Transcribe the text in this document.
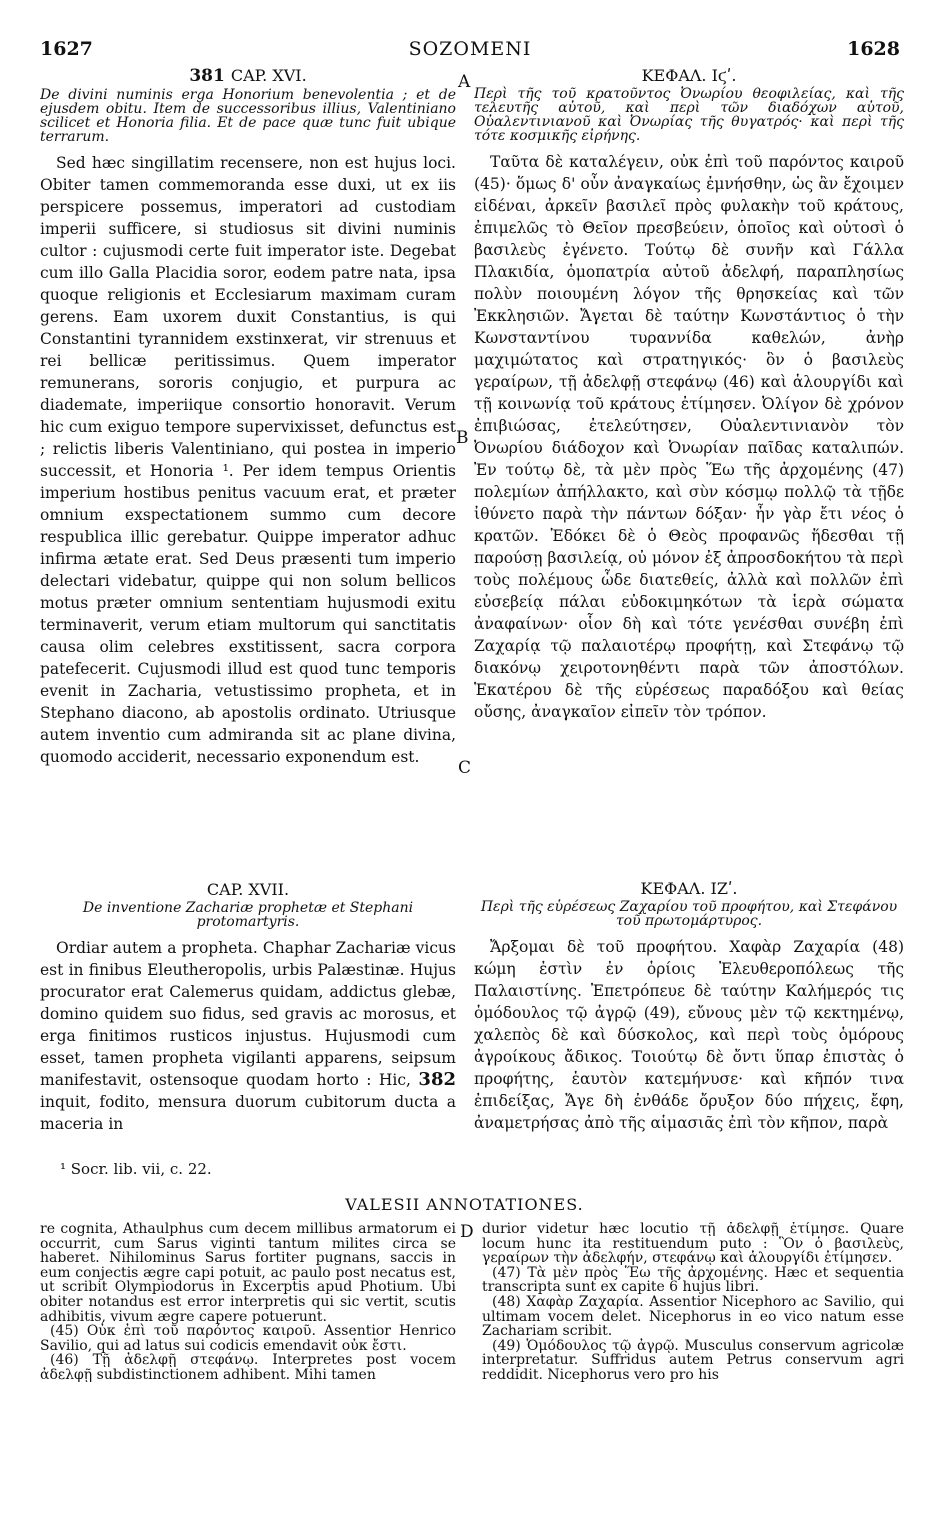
1627	SOZOMENI	1628
381 CAP. XVI.

De divini numinis erga Honorium benevolentia ; et de ejusdem obitu. Item de successoribus illius, Valentiniano scilicet et Honoria filia. Et de pace quæ tunc fuit ubique terrarum.

Sed hæc singillatim recensere, non est hujus loci. Obiter tamen commemoranda esse duxi, ut ex iis perspicere possemus, imperatori ad custodiam imperii sufficere, si studiosus sit divini numinis cultor : cujusmodi certe fuit imperator iste. Degebat cum illo Galla Placidia soror, eodem patre nata, ipsa quoque religionis et Ecclesiarum maximam curam gerens. Eam uxorem duxit Constantius, is qui Constantini tyrannidem exstinxerat, vir strenuus et rei bellicæ peritissimus. Quem imperator remunerans, sororis conjugio, et purpura ac diademate, imperiique consortio honoravit. Verum hic cum exiguo tempore supervixisset, defunctus est ; relictis liberis Valentiniano, qui postea in imperio successit, et Honoria ¹. Per idem tempus Orientis imperium hostibus penitus vacuum erat, et præter omnium exspectationem summo cum decore respublica illic gerebatur. Quippe imperator adhuc infirma ætate erat. Sed Deus præsenti tum imperio delectari videbatur, quippe qui non solum bellicos motus præter omnium sententiam hujusmodi exitu terminaverit, verum etiam multorum qui sanctitatis causa olim celebres exstitissent, sacra corpora patefecerit. Cujusmodi illud est quod tunc temporis evenit in Zacharia, vetustissimo propheta, et in Stephano diacono, ab apostolis ordinato. Utriusque autem inventio cum admiranda sit ac plane divina, quomodo acciderit, necessario exponendum est.

CAP. XVII.

De inventione Zachariæ prophetæ et Stephani protomartyris.

Ordiar autem a propheta. Chaphar Zachariæ vicus est in finibus Eleutheropolis, urbis Palæstinæ. Hujus procurator erat Calemerus quidam, addictus glebæ, domino quidem suo fidus, sed gravis ac morosus, et erga finitimos rusticos injustus. Hujusmodi cum esset, tamen propheta vigilanti apparens, seipsum manifestavit, ostensoque quodam horto : Hic, 382 inquit, fodito, mensura duorum cubitorum ducta a maceria in

A
B
C
D
ΚΕΦΑΛ. Ιϛʹ.

Περὶ τῆς τοῦ κρατοῦντος Ὀνωρίου θεοφιλείας, καὶ τῆς τελευτῆς αὐτοῦ, καὶ περὶ τῶν διαδόχων αὐτοῦ, Οὐαλεντινιανοῦ καὶ Ὀνωρίας τῆς θυγατρός· καὶ περὶ τῆς τότε κοσμικῆς εἰρήνης.

Ταῦτα δὲ καταλέγειν, οὐκ ἐπὶ τοῦ παρόντος καιροῦ (45)· ὅμως δ' οὖν ἀναγκαίως ἐμνήσθην, ὡς ἂν ἔχοιμεν εἰδέναι, ἀρκεῖν βασιλεῖ πρὸς φυλακὴν τοῦ κράτους, ἐπιμελῶς τὸ Θεῖον πρεσβεύειν, ὁποῖος καὶ οὑτοσὶ ὁ βασιλεὺς ἐγένετο. Τούτῳ δὲ συνῆν καὶ Γάλλα Πλακιδία, ὁμοπατρία αὐτοῦ ἀδελφή, παραπλησίως πολὺν ποιουμένη λόγον τῆς θρησκείας καὶ τῶν Ἐκκλησιῶν. Ἄγεται δὲ ταύτην Κωνστάντιος ὁ τὴν Κωνσταντίνου τυραννίδα καθελών, ἀνὴρ μαχιμώτατος καὶ στρατηγικός· ὃν ὁ βασιλεὺς γεραίρων, τῇ ἀδελφῇ στεφάνῳ (46) καὶ ἁλουργίδι καὶ τῇ κοινωνίᾳ τοῦ κράτους ἐτίμησεν. Ὀλίγον δὲ χρόνον ἐπιβιώσας, ἐτελεύτησεν, Οὐαλεντινιανὸν τὸν Ὀνωρίου διάδοχον καὶ Ὀνωρίαν παῖδας καταλιπών. Ἐν τούτῳ δὲ, τὰ μὲν πρὸς Ἕω τῆς ἀρχομένης (47) πολεμίων ἀπήλλακτο, καὶ σὺν κόσμῳ πολλῷ τὰ τῇδε ἰθύνετο παρὰ τὴν πάντων δόξαν· ἦν γὰρ ἔτι νέος ὁ κρατῶν. Ἐδόκει δὲ ὁ Θεὸς προφανῶς ἥδεσθαι τῇ παρούσῃ βασιλείᾳ, οὐ μόνον ἐξ ἀπροσδοκήτου τὰ περὶ τοὺς πολέμους ὧδε διατεθείς, ἀλλὰ καὶ πολλῶν ἐπὶ εὐσεβείᾳ πάλαι εὐδοκιμηκότων τὰ ἱερὰ σώματα ἀναφαίνων· οἷον δὴ καὶ τότε γενέσθαι συνέβη ἐπὶ Ζαχαρίᾳ τῷ παλαιοτέρῳ προφήτῃ, καὶ Στεφάνῳ τῷ διακόνῳ χειροτονηθέντι παρὰ τῶν ἀποστόλων. Ἑκατέρου δὲ τῆς εὑρέσεως παραδόξου καὶ θείας οὔσης, ἀναγκαῖον εἰπεῖν τὸν τρόπον.

ΚΕΦΑΛ. ΙΖʹ.

Περὶ τῆς εὑρέσεως Ζαχαρίου τοῦ προφήτου, καὶ Στεφάνου τοῦ πρωτομάρτυρος.

Ἄρξομαι δὲ τοῦ προφήτου. Χαφὰρ Ζαχαρία (48) κώμη ἐστὶν ἐν ὁρίοις Ἐλευθεροπόλεως τῆς Παλαιστίνης. Ἐπετρόπευε δὲ ταύτην Καλήμερός τις ὁμόδουλος τῷ ἀγρῷ (49), εὔνους μὲν τῷ κεκτημένῳ, χαλεπὸς δὲ καὶ δύσκολος, καὶ περὶ τοὺς ὁμόρους ἀγροίκους ἄδικος. Τοιούτῳ δὲ ὄντι ὕπαρ ἐπιστὰς ὁ προφήτης, ἑαυτὸν κατεμήνυσε· καὶ κῆπόν τινα ἐπιδείξας, Ἄγε δὴ ἐνθάδε ὄρυξον δύο πήχεις, ἔφη, ἀναμετρήσας ἀπὸ τῆς αἱμασιᾶς ἐπὶ τὸν κῆπον, παρὰ

¹ Socr. lib. vii, c. 22.
VALESII ANNOTATIONES.

re cognita, Athaulphus cum decem millibus armatorum ei occurrit, cum Sarus viginti tantum milites circa se haberet. Nihilominus Sarus fortiter pugnans, saccis in eum conjectis ægre capi potuit, ac paulo post necatus est, ut scribit Olympiodorus in Excerptis apud Photium. Ubi obiter notandus est error interpretis qui sic vertit, scutis adhibitis, vivum ægre capere potuerunt.

(45) Οὐκ ἐπὶ τοῦ παρόντος καιροῦ. Assentior Henrico Savilio, qui ad latus sui codicis emendavit οὐκ ἔστι.

(46) Τῇ ἀδελφῇ στεφάνῳ. Interpretes post vocem ἀδελφῇ subdistinctionem adhibent. Mihi tamen

durior videtur hæc locutio τῇ ἀδελφῇ ἐτίμησε. Quare locum hunc ita restituendum puto : Ὃν ὁ βασιλεὺς, γεραίρων τὴν ἀδελφήν, στεφάνῳ καὶ ἁλουργίδι ἐτίμησεν.

(47) Τὰ μὲν πρὸς Ἕω τῆς ἀρχομένης. Hæc et sequentia transcripta sunt ex capite 6 hujus libri.

(48) Χαφὰρ Ζαχαρία. Assentior Nicephoro ac Savilio, qui ultimam vocem delet. Nicephorus in eo vico natum esse Zachariam scribit.

(49) Ὁμόδουλος τῷ ἀγρῷ. Musculus conservum agricolæ interpretatur. Suffridus autem Petrus conservum agri reddidit. Nicephorus vero pro his
